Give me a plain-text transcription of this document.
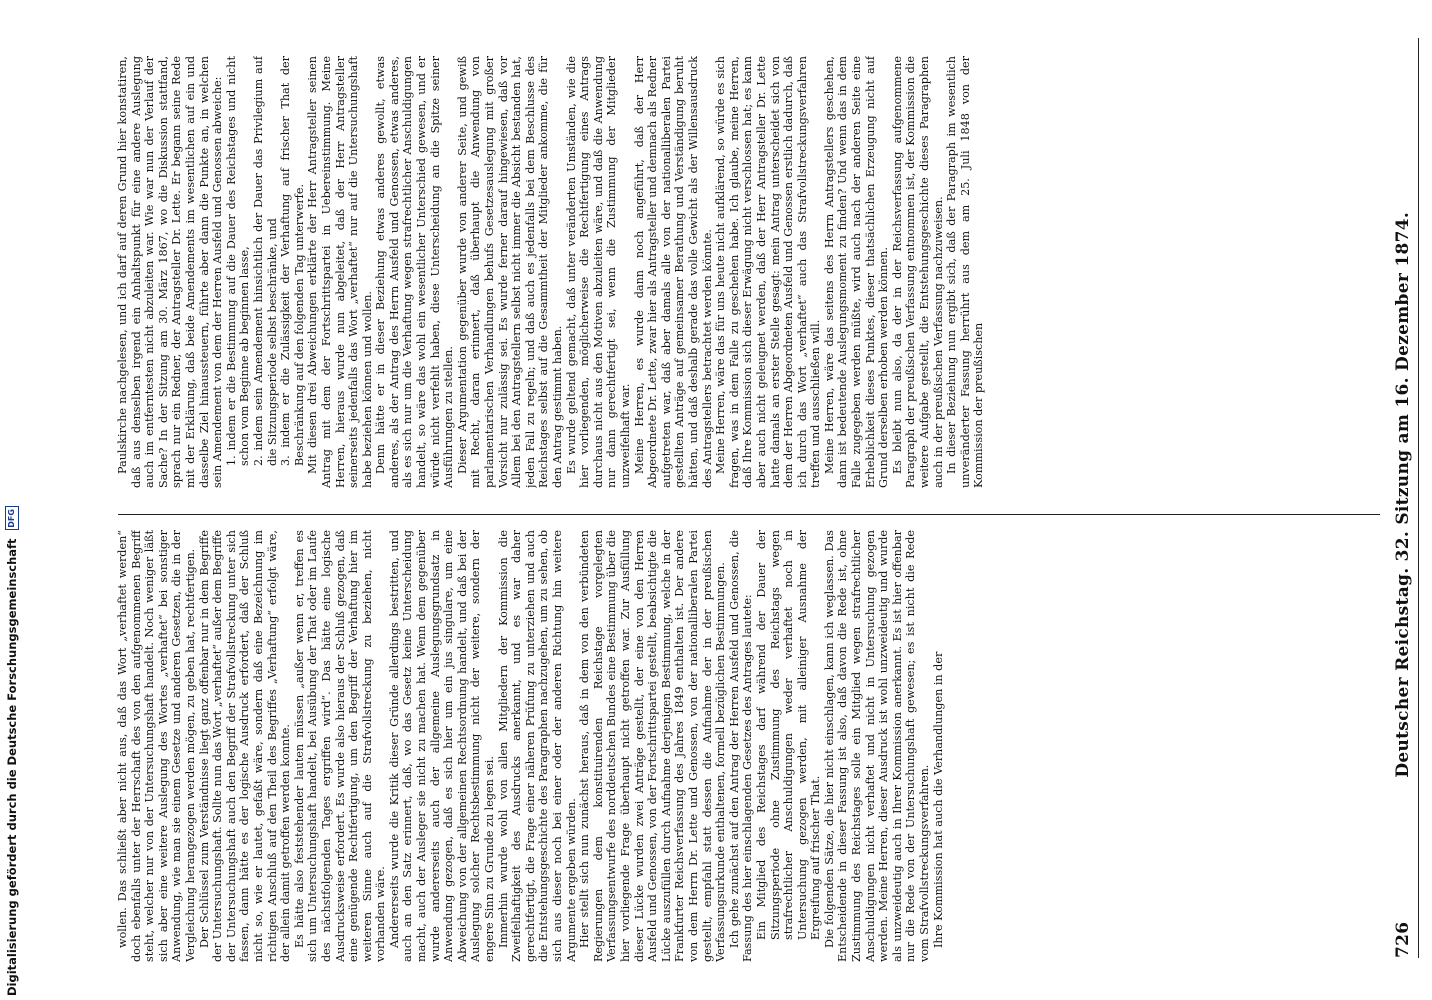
726
Deutscher Reichstag. 32. Sitzung am 16. Dezember 1874.

wollen. Das schließt aber nicht aus, daß das Wort „verhaftet werden“ doch ebenfalls unter der Herrschaft des von den aufgenommenen Begriff steht, welcher nur von der Untersuchungshaft handelt. Noch weniger läßt sich aber eine weitere Auslegung des Wortes „verhaftet“ bei sonstiger Anwendung, wie man sie einem Gesetze und anderen Gesetzen, die in der Vergleichung herangezogen werden mögen, zu geben hat, rechtfertigen. Der Schlüssel zum Verständnisse liegt ganz offenbar nur in dem Begriffe der Untersuchungshaft. Sollte nun das Wort „verhaftet“ außer dem Begriffe der Untersuchungshaft auch den Begriff der Strafvollstreckung unter sich fassen, dann hätte es der logische Ausdruck erfordert, daß der Schluß nicht so, wie er lautet, gefaßt wäre, sondern daß eine Bezeichnung im richtigen Anschluß auf den Theil des Begriffes „Verhaftung“ erfolgt wäre, der allein damit getroffen werden konnte. Es hätte also feststehender lauten müssen „außer wenn er, treffen es sich um Untersuchungshaft handelt, bei Ausübung der That oder im Laufe des nächstfolgenden Tages ergriffen wird“. Das hätte eine logische Ausdrucksweise erfordert. Es wurde also hieraus der Schluß gezogen, daß eine genügende Rechtfertigung, um den Begriff der Verhaftung hier im weiteren Sinne auch auf die Strafvollstreckung zu beziehen, nicht vorhanden wäre. Andererseits wurde die Kritik dieser Gründe allerdings bestritten, und auch an den Satz erinnert, daß, wo das Gesetz keine Unterscheidung macht, auch der Ausleger sie nicht zu machen hat. Wenn dem gegenüber wurde andererseits auch der allgemeine Auslegungsgrundsatz in Anwendung gezogen, daß es sich hier um ein jus singulare, um eine Abweichung von der allgemeinen Rechtsordnung handelt, und daß bei der Auslegung solcher Rechtsbestimmung nicht der weitere, sondern der engere Sinn zu Grunde zu legen sei. Immerhin wurde wohl von allen Mitgliedern der Kommission die Zweifelhaftigkeit des Ausdrucks anerkannt, und es war daher gerechtfertigt, die Frage einer näheren Prüfung zu unterziehen und auch die Entstehungsgeschichte des Paragraphen nachzugehen, um zu sehen, ob sich aus dieser noch bei einer oder der anderen Richtung hin weitere Argumente ergeben würden. Hier stellt sich nun zunächst heraus, daß in dem von den verbündeten Regierungen dem konstituirenden Reichstage vorgelegten Verfassungsentwurfe des norddeutschen Bundes eine Bestimmung über die hier vorliegende Frage überhaupt nicht getroffen war. Zur Ausfüllung dieser Lücke wurden zwei Anträge gestellt, der eine von den Herren Ausfeld und Genossen, von der Fortschrittspartei gestellt, beabsichtigte die Lücke auszufüllen durch Aufnahme derjenigen Bestimmung, welche in der Frankfurter Reichsverfassung des Jahres 1849 enthalten ist. Der andere von dem Herrn Dr. Lette und Genossen, von der nationalliberalen Partei gestellt, empfahl statt dessen die Aufnahme der in der preußischen Verfassungsurkunde enthaltenen, formell bezüglichen Bestimmungen. Ich gehe zunächst auf den Antrag der Herren Ausfeld und Genossen, die Fassung des hier einschlagenden Gesetzes des Antrages lautete: Ein Mitglied des Reichstages darf während der Dauer der Sitzungsperiode ohne Zustimmung des Reichstags wegen strafrechtlicher Anschuldigungen weder verhaftet noch in Untersuchung gezogen werden, mit alleiniger Ausnahme der Ergreifung auf frischer That. Die folgenden Sätze, die hier nicht einschlagen, kann ich weglassen. Das Entscheidende in dieser Fassung ist also, daß davon die Rede ist, ohne Zustimmung des Reichstages solle ein Mitglied wegen strafrechtlicher Anschuldigungen nicht verhaftet und nicht in Untersuchung gezogen werden. Meine Herren, dieser Ausdruck ist wohl unzweideutig und wurde als unzweideutig auch in Ihrer Kommission anerkannt. Es ist hier offenbar nur die Rede von der Untersuchungshaft gewesen; es ist nicht die Rede vom Strafvollstreckungsverfahren. Ihre Kommission hat auch die Verhandlungen in der

Paulskirche nachgelesen, und ich darf auf deren Grund hier konstatiren, daß aus denselben irgend ein Anhaltspunkt für eine andere Auslegung auch im entferntesten nicht abzuleiten war. Wie war nun der Verlauf der Sache? In der Sitzung am 30. März 1867, wo die Diskussion stattfand, sprach nur ein Redner, der Antragsteller Dr. Lette. Er begann seine Rede mit der Erklärung, daß beide Amendements im wesentlichen auf ein und dasselbe Ziel hinaussteuern, führte aber dann die Punkte an, in welchen sein Amendement von dem der Herren Ausfeld und Genossen abweiche: 1. indem er die Bestimmung auf die Dauer des Reichstages und nicht schon vom Beginne ab beginnen lasse, 2. indem sein Amendement hinsichtlich der Dauer das Privilegium auf die Sitzungsperiode selbst beschränke, und 3. indem er die Zulässigkeit der Verhaftung auf frischer That der Beschränkung auf den folgenden Tag unterwerfe. Mit diesen drei Abweichungen erklärte der Herr Antragsteller seinen Antrag mit dem der Fortschrittspartei in Uebereinstimmung. Meine Herren, hieraus wurde nun abgeleitet, daß der Herr Antragsteller seinerseits jedenfalls das Wort „verhaftet“ nur auf die Untersuchungshaft habe beziehen können und wollen. Denn hätte er in dieser Beziehung etwas anderes gewollt, etwas anderes, als der Antrag des Herrn Ausfeld und Genossen, etwas anderes, als es sich nur um die Verhaftung wegen strafrechtlicher Anschuldigungen handelt, so wäre das wohl ein wesentlicher Unterschied gewesen, und er würde nicht verfehlt haben, diese Unterscheidung an die Spitze seiner Ausführungen zu stellen. Dieser Argumentation gegenüber wurde von anderer Seite, und gewiß mit Recht, daran erinnert, daß überhaupt die Anwendung von parlamentarischen Verhandlungen behufs Gesetzesauslegung mit großer Vorsicht nur zulässig sei. Es wurde ferner darauf hingewiesen, daß vor Allem bei den Antragstellern selbst nicht immer die Absicht bestanden hat, jeden Fall zu regeln; und daß auch es jedenfalls bei dem Beschlusse des Reichstages selbst auf die Gesammtheit der Mitglieder ankomme, die für den Antrag gestimmt haben. Es wurde geltend gemacht, daß unter veränderten Umständen, wie die hier vorliegenden, möglicherweise die Rechtfertigung eines Antrags durchaus nicht aus den Motiven abzuleiten wäre, und daß die Anwendung nur dann gerechtfertigt sei, wenn die Zustimmung der Mitglieder unzweifelhaft war. Meine Herren, es wurde dann noch angeführt, daß der Herr Abgeordnete Dr. Lette, zwar hier als Antragsteller und demnach als Redner aufgetreten war, daß aber damals alle von der nationalliberalen Partei gestellten Anträge auf gemeinsamer Berathung und Verständigung beruht hätten, und daß deshalb gerade das volle Gewicht als der Willensausdruck des Antragstellers betrachtet werden könnte. Meine Herren, wäre das für uns heute nicht aufklärend, so würde es sich fragen, was in dem Falle zu geschehen habe. Ich glaube, meine Herren, daß Ihre Kommission sich dieser Erwägung nicht verschlossen hat; es kann aber auch nicht geleugnet werden, daß der Herr Antragsteller Dr. Lette hatte damals an erster Stelle gesagt: mein Antrag unterscheidet sich von dem der Herren Abgeordneten Ausfeld und Genossen erstlich dadurch, daß ich durch das Wort „verhaftet“ auch das Strafvollstreckungsverfahren treffen und ausschließen will. Meine Herren, wäre das seitens des Herrn Antragstellers geschehen, dann ist bedeutende Auslegungsmoment zu finden? Und wenn das in dem Falle zugegeben werden müßte, wird auch nach der anderen Seite eine Erheblichkeit dieses Punktes, dieser thatsächlichen Erzeugung nicht auf Grund derselben erhoben werden können. Es bleibt nun also, da der in der Reichsverfassung aufgenommene Paragraph der preußischen Verfassung entnommen ist, der Kommission die weitere Aufgabe gestellt, die Entstehungsgeschichte dieses Paragraphen auch in der preußischen Verfassung nachzuweisen. In dieser Beziehung nun ergibt sich, daß der Paragraph im wesentlich unveränderter Fassung herrührt aus dem am 25. Juli 1848 von der Kommission der preußischen

Digitalisierung gefördert durch die Deutsche Forschungsgemeinschaft
DFG
